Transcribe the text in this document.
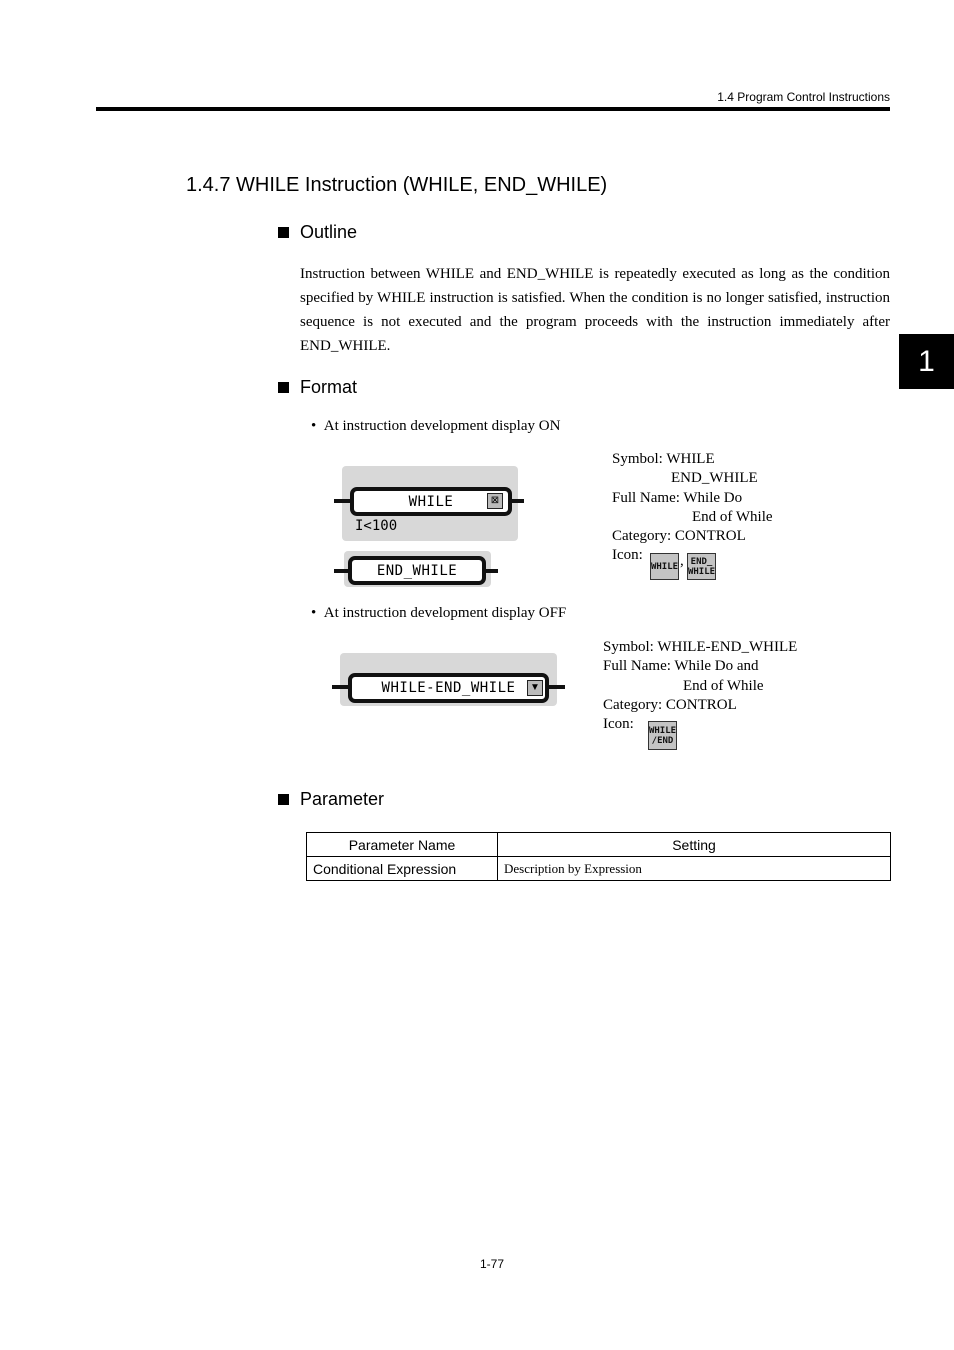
1.4 Program Control Instructions
1
1.4.7 WHILE Instruction (WHILE, END_WHILE)
Outline
Instruction between WHILE and END_WHILE is repeatedly executed as long as the condition specified by WHILE instruction is satisfied. When the condition is no longer satisfied, instruction sequence is not executed and the program proceeds with the instruction immediately after END_WHILE.
Format
•  At instruction development display ON
WHILE	⊠
I<100
END_WHILE
Symbol: WHILE
END_WHILE
Full Name: While Do
End of While
Category: CONTROL
Icon:
WHILE , END_
WHILE
•  At instruction development display OFF
WHILE-END_WHILE	▼
Symbol: WHILE-END_WHILE
Full Name: While Do and
End of While
Category: CONTROL
Icon:	WHILE
/END
Parameter
Parameter Name	Setting
Conditional Expression	Description by Expression
1-77
